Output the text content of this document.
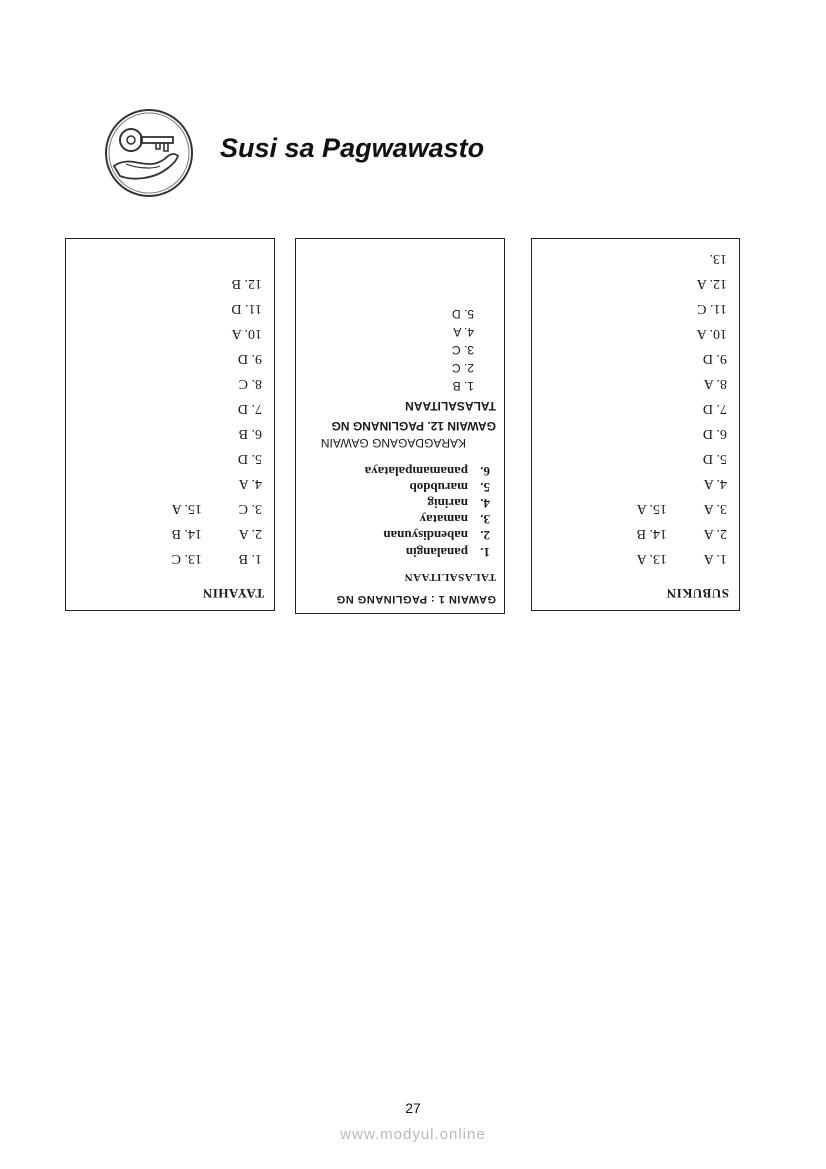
Susi sa Pagwawasto
TAYAHIN
1. B
2. A
3. C
4. A
5. D
6. B
7. D
8. C
9. D
10. A
11. D
12. B
13. C
14. B
15. A
GAWAIN 1 : PAGLINANG NG
TALASALITAAN
1.panalangin
2.nabendisyunan
3.namatay
4.narinig
5.marubdob
6.panamampalataya
KARAGDAGANG GAWAIN
GAWAIN 12. PAGLINANG NG
TALASALITAAN
1. B
2. C
3. C
4. A
5. D
SUBUKIN
1. A
2. A
3. A
4. A
5. D
6. D
7. D
8. A
9. D
10. A
11. C
12. A
13.
13. A
14. B
15. A
27
www.modyul.online
